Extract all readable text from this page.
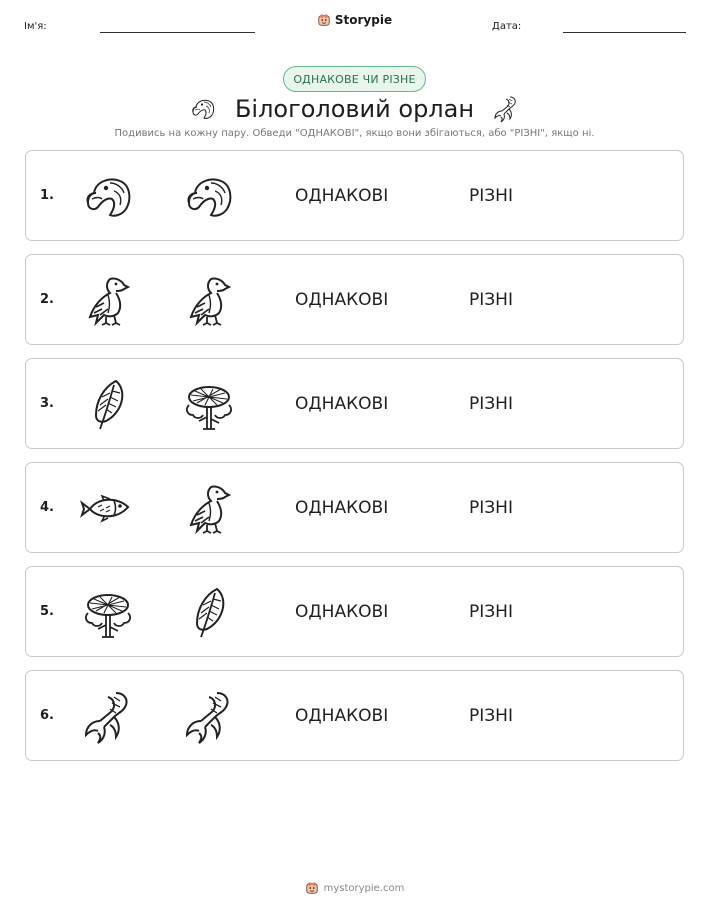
Ім'я:	Storypie	Дата:
ОДНАКОВЕ ЧИ РІЗНЕ
Білоголовий орлан
Подивись на кожну пару. Обведи "ОДНАКОВІ", якщо вони збігаються, або "РІЗНІ", якщо ні.
1.	ОДНАКОВІ	РІЗНІ
2.	ОДНАКОВІ	РІЗНІ
3.	ОДНАКОВІ	РІЗНІ
4.	ОДНАКОВІ	РІЗНІ
5.	ОДНАКОВІ	РІЗНІ
6.	ОДНАКОВІ	РІЗНІ
mystorypie.com
